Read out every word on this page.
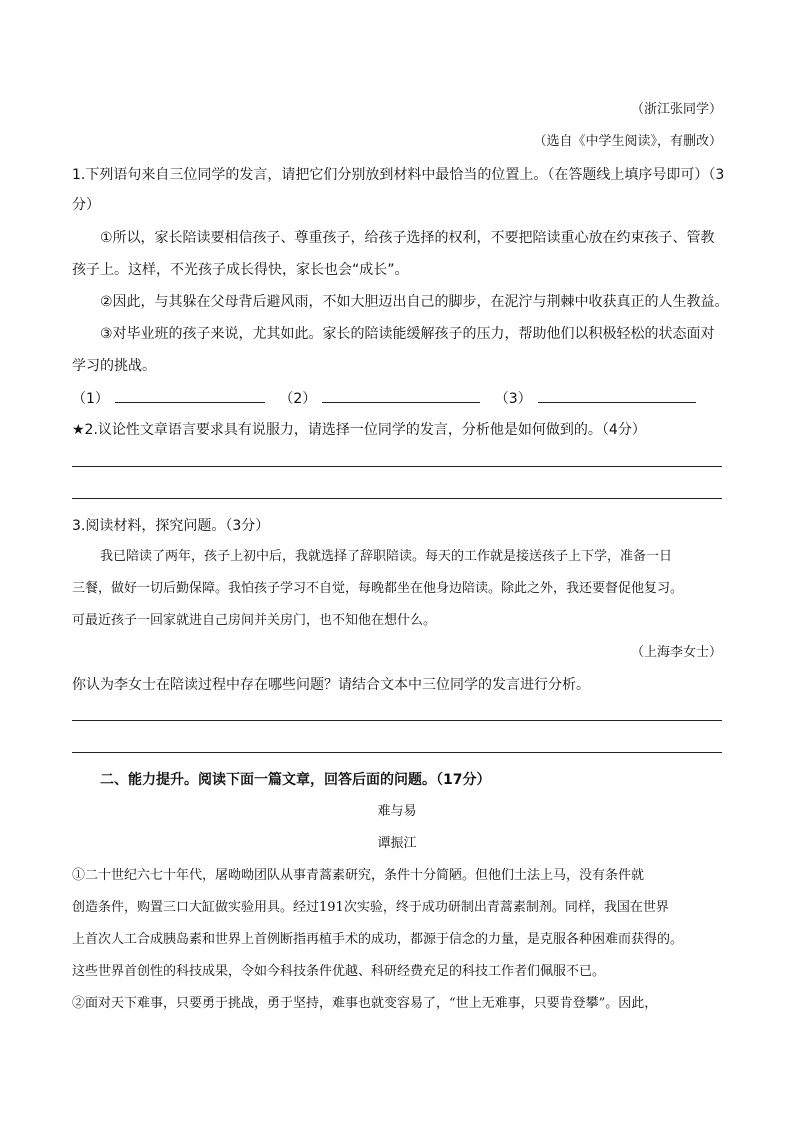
（浙江张同学）
（选自《中学生阅读》，有删改）
1.下列语句来自三位同学的发言，请把它们分别放到材料中最恰当的位置上。（在答题线上填序号即可）（3
分）
①所以，家长陪读要相信孩子、尊重孩子，给孩子选择的权利，不要把陪读重心放在约束孩子、管教
孩子上。这样，不光孩子成长得快，家长也会“成长”。
②因此，与其躲在父母背后避风雨，不如大胆迈出自己的脚步，在泥泞与荆棘中收获真正的人生教益。
③对毕业班的孩子来说，尤其如此。家长的陪读能缓解孩子的压力，帮助他们以积极轻松的状态面对
学习的挑战。
（1）	（2）	（3）
★2.议论性文章语言要求具有说服力，请选择一位同学的发言，分析他是如何做到的。（4分）
3.阅读材料，探究问题。（3分）
我已陪读了两年，孩子上初中后，我就选择了辞职陪读。每天的工作就是接送孩子上下学，准备一日
三餐，做好一切后勤保障。我怕孩子学习不自觉，每晚都坐在他身边陪读。除此之外，我还要督促他复习。
可最近孩子一回家就进自己房间并关房门，也不知他在想什么。
（上海李女士）
你认为李女士在陪读过程中存在哪些问题？请结合文本中三位同学的发言进行分析。
二、能力提升。阅读下面一篇文章，回答后面的问题。（17分）
难与易
谭振江
①二十世纪六七十年代，屠呦呦团队从事青蒿素研究，条件十分简陋。但他们土法上马，没有条件就
创造条件，购置三口大缸做实验用具。经过191次实验，终于成功研制出青蒿素制剂。同样，我国在世界
上首次人工合成胰岛素和世界上首例断指再植手术的成功，都源于信念的力量，是克服各种困难而获得的。
这些世界首创性的科技成果，令如今科技条件优越、科研经费充足的科技工作者们佩服不已。
②面对天下难事，只要勇于挑战，勇于坚持，难事也就变容易了，“世上无难事，只要肯登攀”。因此，
